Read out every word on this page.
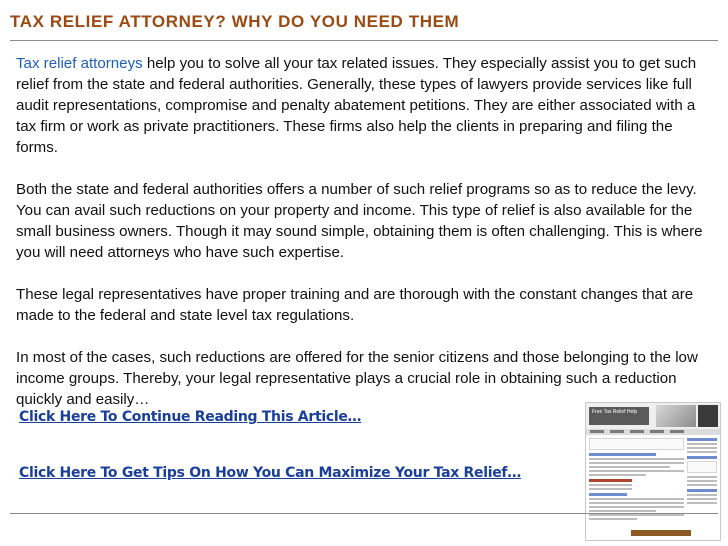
TAX RELIEF ATTORNEY? WHY DO YOU NEED THEM

Tax relief attorneys help you to solve all your tax related issues. They especially assist you to get such relief from the state and federal authorities. Generally, these types of lawyers provide services like full audit representations, compromise and penalty abatement petitions. They are either associated with a tax firm or work as private practitioners. These firms also help the clients in preparing and filing the forms.

Both the state and federal authorities offers a number of such relief programs so as to reduce the levy. You can avail such reductions on your property and income. This type of relief is also available for the small business owners. Though it may sound simple, obtaining them is often challenging. This is where you will need attorneys who have such expertise.

These legal representatives have proper training and are thorough with the constant changes that are made to the federal and state level tax regulations.

In most of the cases, such reductions are offered for the senior citizens and those belonging to the low income groups. Thereby, your legal representative plays a crucial role in obtaining such a reduction quickly and easily…

Click Here To Continue Reading This Article…
Click Here To Get Tips On How You Can Maximize Your Tax Relief…
Free Tax Relief Help
